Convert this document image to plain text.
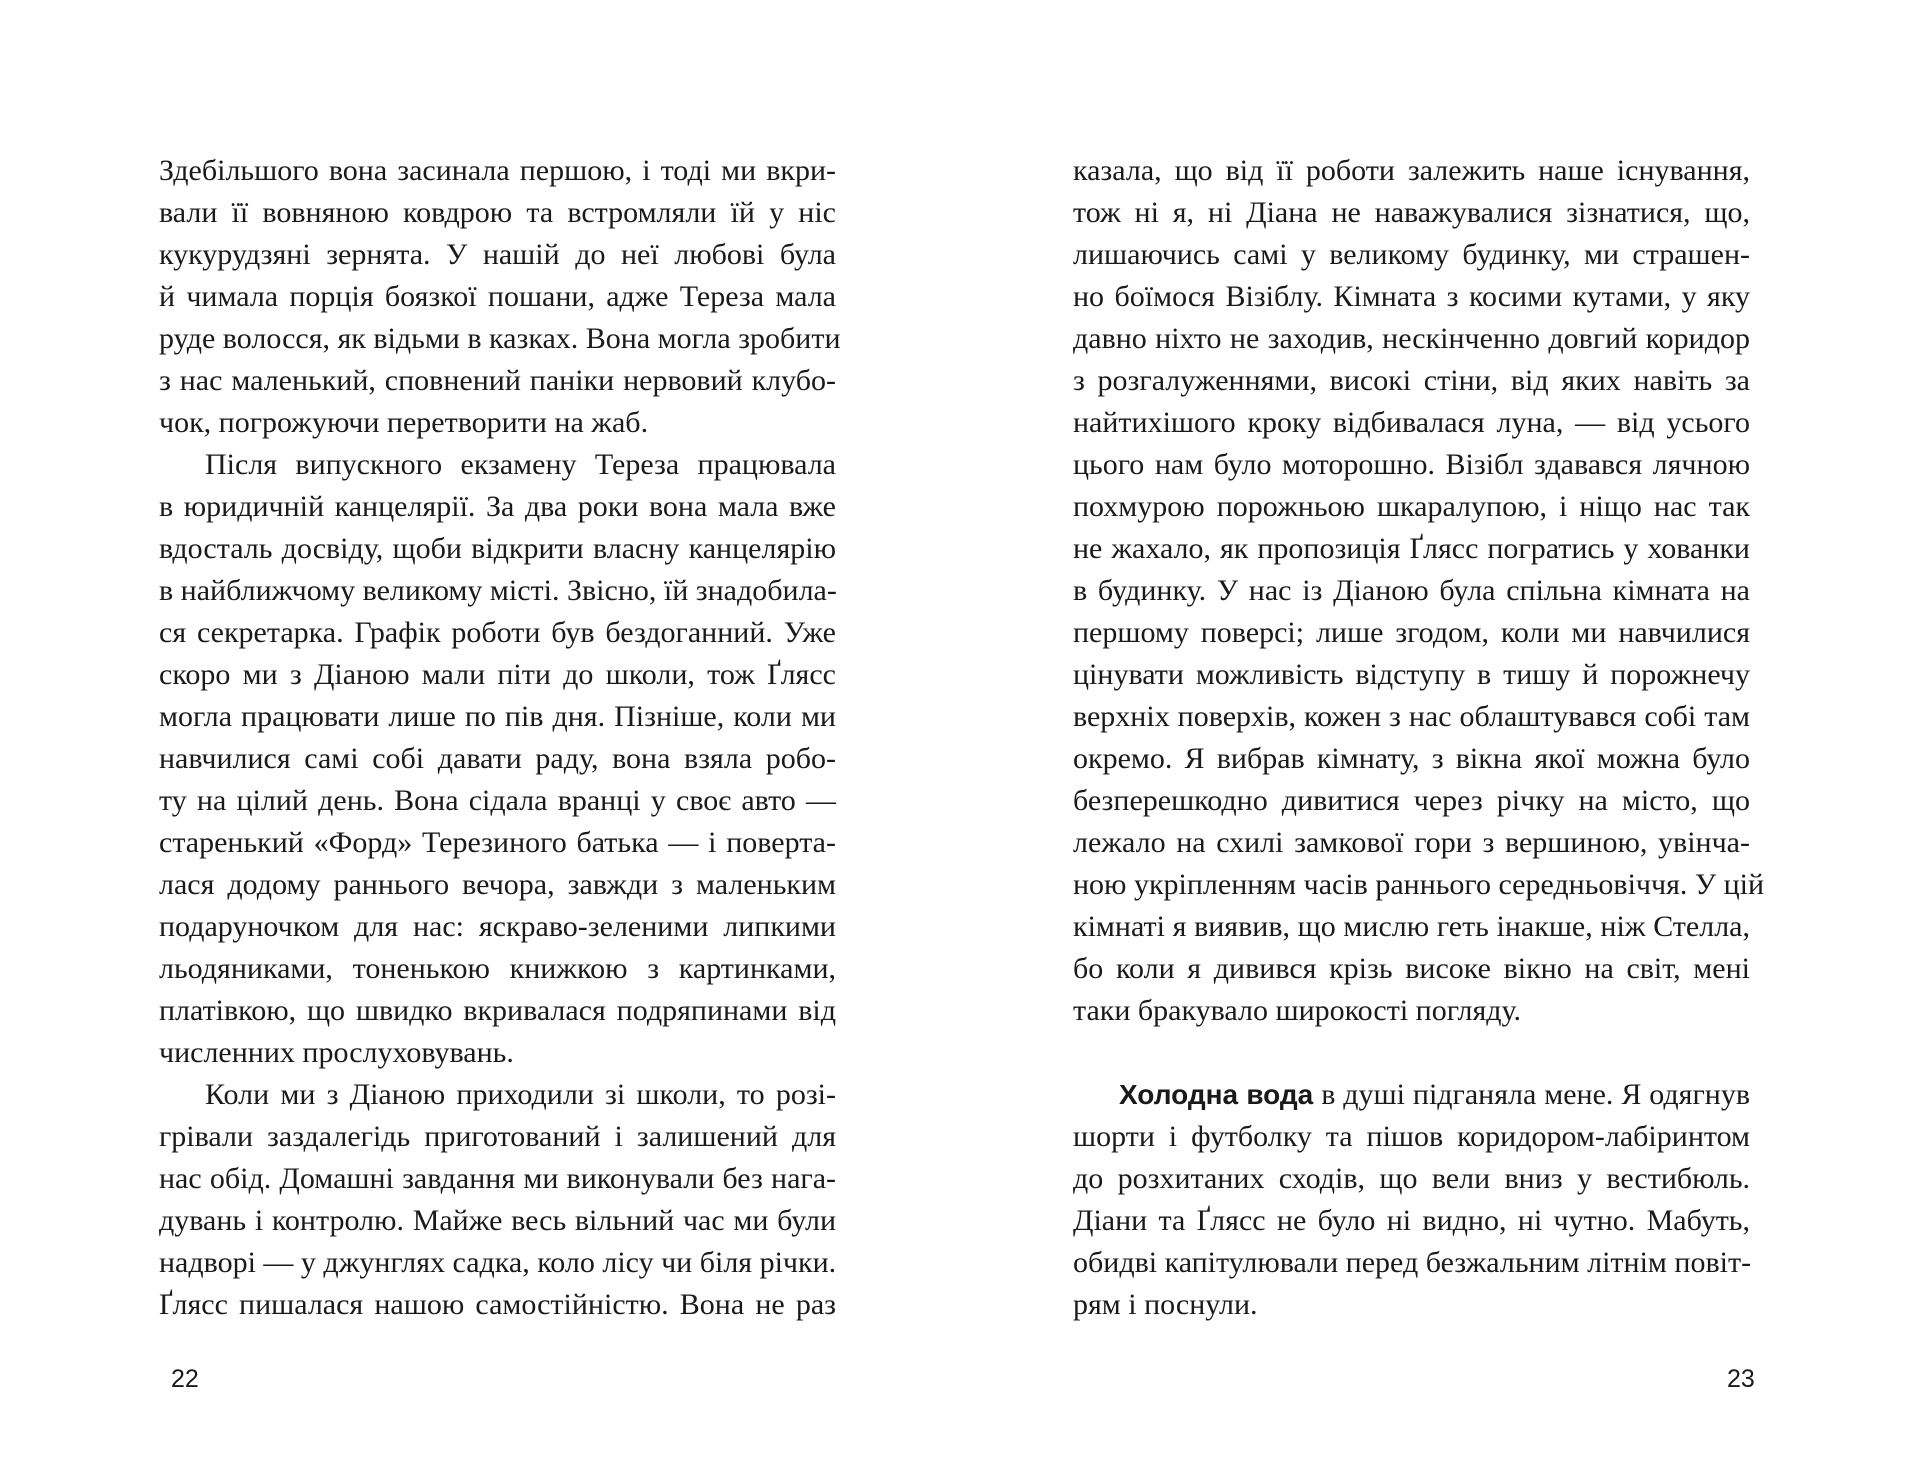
Здебільшого вона засинала першою, і тоді ми вкри-
вали її вовняною ковдрою та встромляли їй у ніс
кукурудзяні зернята. У нашій до неї любові була
й чимала порція боязкої пошани, адже Тереза мала
руде волосся, як відьми в казках. Вона могла зробити
з нас маленький, сповнений паніки нервовий клубо-
чок, погрожуючи перетворити на жаб.
Після випускного екзамену Тереза працювала
в юридичній канцелярії. За два роки вона мала вже
вдосталь досвіду, щоби відкрити власну канцелярію
в найближчому великому місті. Звісно, їй знадобила-
ся секретарка. Графік роботи був бездоганний. Уже
скоро ми з Діаною мали піти до школи, тож Ґлясс
могла працювати лише по пів дня. Пізніше, коли ми
навчилися самі собі давати раду, вона взяла робо-
ту на цілий день. Вона сідала вранці у своє авто —
старенький «Форд» Терезиного батька — і поверта-
лася додому раннього вечора, завжди з маленьким
подаруночком для нас: яскраво-зеленими липкими
льодяниками, тоненькою книжкою з картинками,
платівкою, що швидко вкривалася подряпинами від
численних прослуховувань.
Коли ми з Діаною приходили зі школи, то розі-
грівали заздалегідь приготований і залишений для
нас обід. Домашні завдання ми виконували без нага-
дувань і контролю. Майже весь вільний час ми були
надворі — у джунглях садка, коло лісу чи біля річки.
Ґлясс пишалася нашою самостійністю. Вона не раз
22
казала, що від її роботи залежить наше існування,
тож ні я, ні Діана не наважувалися зізнатися, що,
лишаючись самі у великому будинку, ми страшен-
но боїмося Візіблу. Кімната з косими кутами, у яку
давно ніхто не заходив, нескінченно довгий коридор
з розгалуженнями, високі стіни, від яких навіть за
найтихішого кроку відбивалася луна, — від усього
цього нам було моторошно. Візібл здавався лячною
похмурою порожньою шкаралупою, і ніщо нас так
не жахало, як пропозиція Ґлясс погратись у хованки
в будинку. У нас із Діаною була спільна кімната на
першому поверсі; лише згодом, коли ми навчилися
цінувати можливість відступу в тишу й порожнечу
верхніх поверхів, кожен з нас облаштувався собі там
окремо. Я вибрав кімнату, з вікна якої можна було
безперешкодно дивитися через річку на місто, що
лежало на схилі замкової гори з вершиною, увінча-
ною укріпленням часів раннього середньовіччя. У цій
кімнаті я виявив, що мислю геть інакше, ніж Стелла,
бо коли я дивився крізь високе вікно на світ, мені
таки бракувало широкості погляду.
Холодна вода в душі підганяла мене. Я одягнув
шорти і футболку та пішов коридором-лабіринтом
до розхитаних сходів, що вели вниз у вестибюль.
Діани та Ґлясс не було ні видно, ні чутно. Мабуть,
обидві капітулювали перед безжальним літнім повіт-
рям і поснули.
23
